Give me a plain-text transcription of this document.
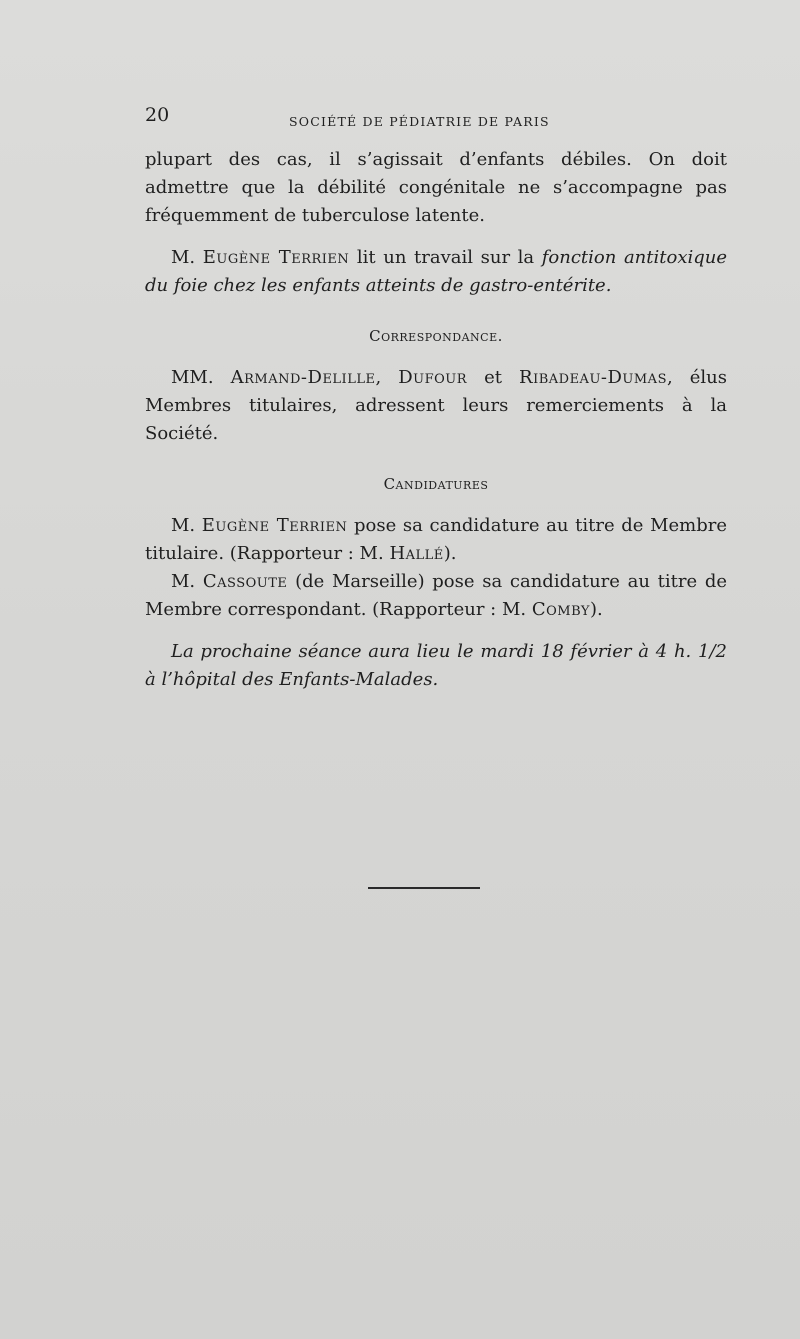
20	SOCIÉTÉ DE PÉDIATRIE DE PARIS

plupart des cas, il s’agissait d’enfants débiles. On doit admettre que la débilité congénitale ne s’accompagne pas fréquemment de tuberculose latente.

M. Eugène Terrien lit un travail sur la fonction antitoxique du foie chez les enfants atteints de gastro-entérite.

Correspondance.

MM. Armand-Delille, Dufour et Ribadeau-Dumas, élus Membres titulaires, adressent leurs remerciements à la Société.

Candidatures

M. Eugène Terrien pose sa candidature au titre de Membre titulaire. (Rapporteur : M. Hallé).

M. Cassoute (de Marseille) pose sa candidature au titre de Membre correspondant. (Rapporteur : M. Comby).

La prochaine séance aura lieu le mardi 18 février à 4 h. 1/2 à l’hôpital des Enfants-Malades.
